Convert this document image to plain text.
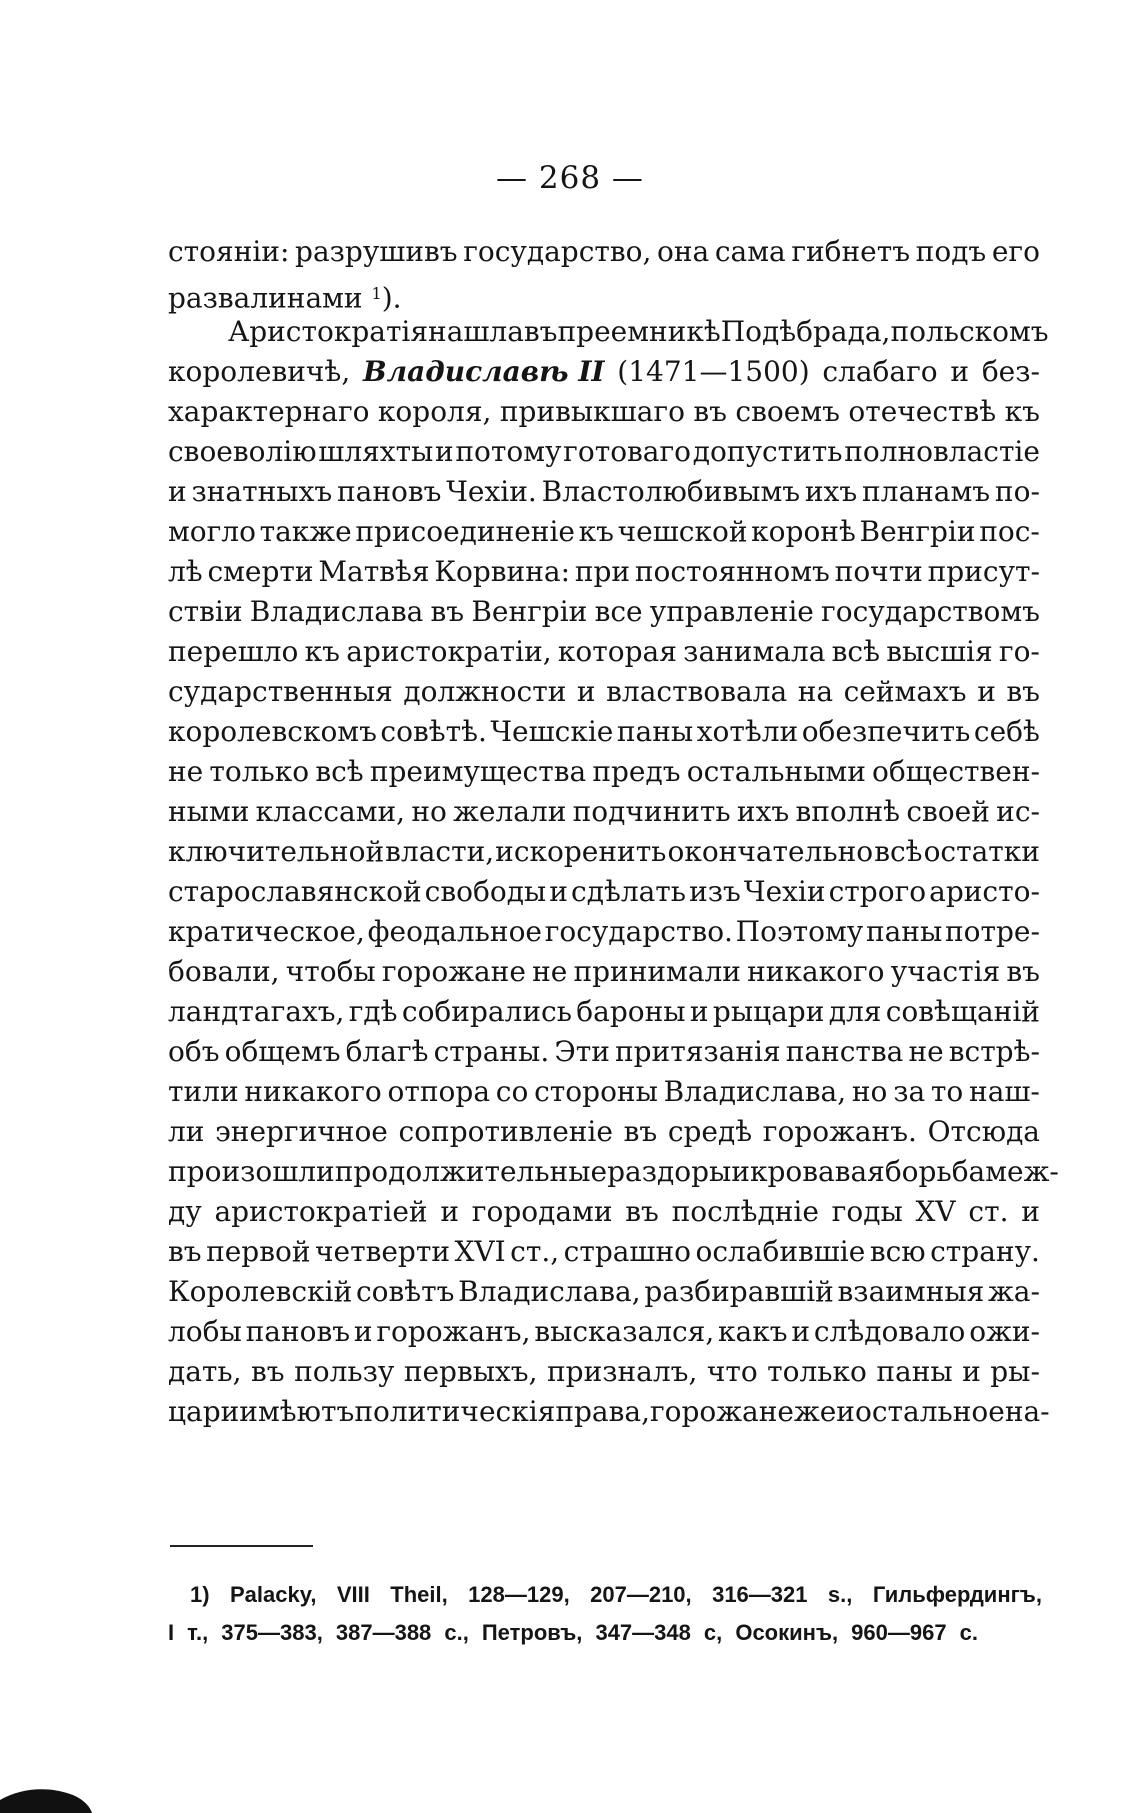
— 268 —
стоянiи: разрушивъ государство, она сама гибнетъ подъ его
развалинами $^1$).
Аристократiя нашла въ преемникѣ Подѣбрада, польскомъ
королевичѣ, Владиславѣ II (1471—1500) слабаго и без-
характернаго короля, привыкшаго въ своемъ отечествѣ къ
своеволiю шляхты и потому готоваго допустить полновластiе
и знатныхъ пановъ Чехiи. Властолюбивымъ ихъ планамъ по-
могло также присоединенiе къ чешской коронѣ Венгрiи пос-
лѣ смерти Матвѣя Корвина: при постоянномъ почти присут-
ствiи Владислава въ Венгрiи все управленiе государствомъ
перешло къ аристократiи, которая занимала всѣ высшiя го-
сударственныя должности и властвовала на сеймахъ и въ
королевскомъ совѣтѣ. Чешскiе паны хотѣли обезпечить себѣ
не только всѣ преимущества предъ остальными обществен-
ными классами, но желали подчинить ихъ вполнѣ своей ис-
ключительной власти, искоренить окончательно всѣ остатки
старославянской свободы и сдѣлать изъ Чехiи строго аристо-
кратическое, феодальное государство. Поэтому паны потре-
бовали, чтобы горожане не принимали никакого участiя въ
ландтагахъ, гдѣ собирались бароны и рыцари для совѣщанiй
объ общемъ благѣ страны. Эти притязанiя панства не встрѣ-
тили никакого отпора со стороны Владислава, но за то наш-
ли энергичное сопротивленiе въ средѣ горожанъ. Отсюда
произошли продолжительные раздоры и кровавая борьба меж-
ду аристократiей и городами въ послѣднiе годы XV ст. и
въ первой четверти XVI ст., страшно ослабившiе всю страну.
Королевскiй совѣтъ Владислава, разбиравшiй взаимныя жа-
лобы пановъ и горожанъ, высказался, какъ и слѣдовало ожи-
дать, въ пользу первыхъ, призналъ, что только паны и ры-
цари имѣютъ политическiя права, горожане же и остальное на-
1) Palacky, VIII Theil, 128—129, 207—210, 316—321 s., Гильфердингъ,
I т., 375—383, 387—388 с., Петровъ, 347—348 с, Осокинъ, 960—967 с.
